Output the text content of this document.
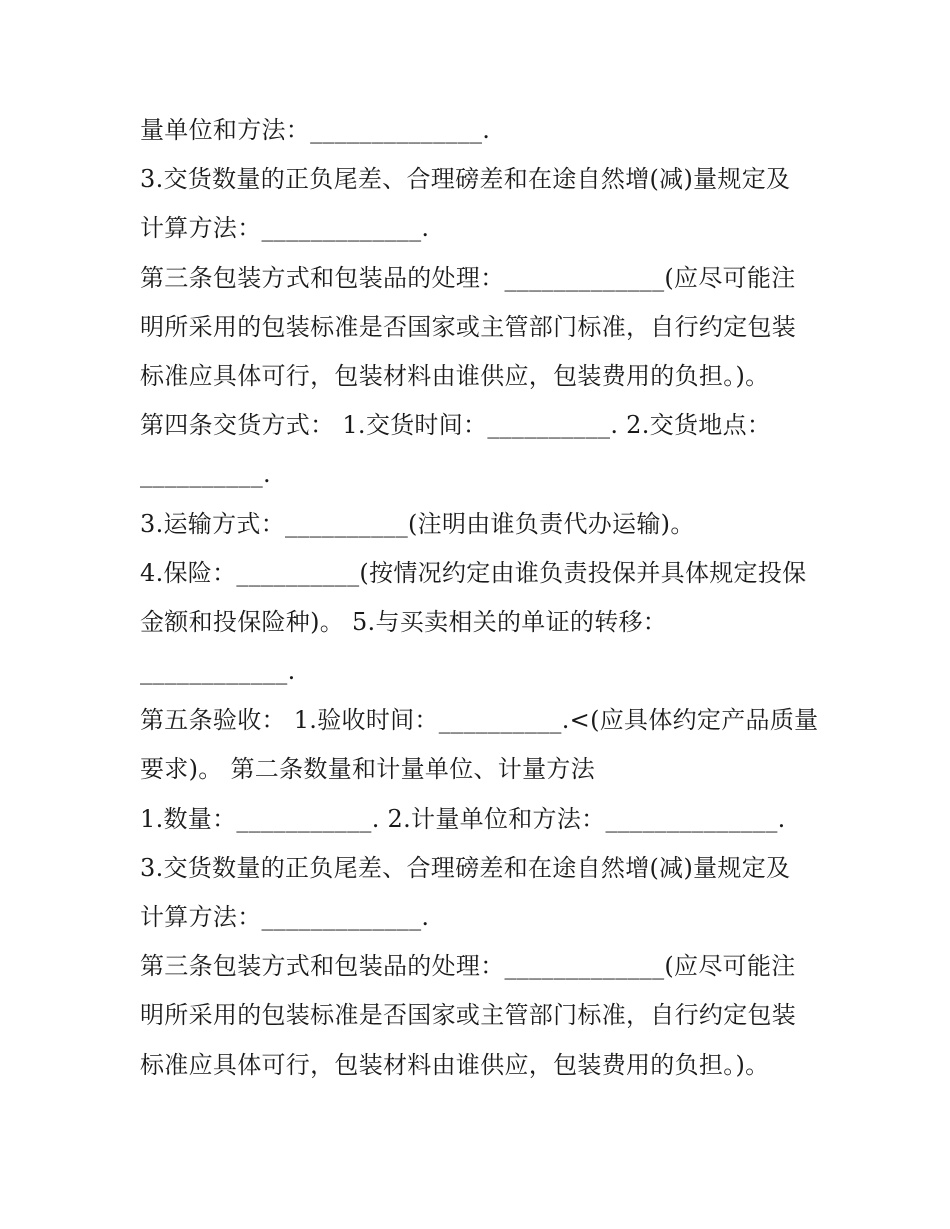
量单位和方法：______________.
3.交货数量的正负尾差、合理磅差和在途自然增(减)量规定及
计算方法：_____________.
第三条包装方式和包装品的处理：_____________(应尽可能注
明所采用的包装标准是否国家或主管部门标准，自行约定包装
标准应具体可行，包装材料由谁供应，包装费用的负担。)。
第四条交货方式： 1.交货时间：__________. 2.交货地点：
__________.
3.运输方式：__________(注明由谁负责代办运输)。
4.保险：__________(按情况约定由谁负责投保并具体规定投保
金额和投保险种)。 5.与买卖相关的单证的转移：
____________.
第五条验收： 1.验收时间：__________.<(应具体约定产品质量
要求)。 第二条数量和计量单位、计量方法
1.数量：___________. 2.计量单位和方法：______________.
3.交货数量的正负尾差、合理磅差和在途自然增(减)量规定及
计算方法：_____________.
第三条包装方式和包装品的处理：_____________(应尽可能注
明所采用的包装标准是否国家或主管部门标准，自行约定包装
标准应具体可行，包装材料由谁供应，包装费用的负担。)。
